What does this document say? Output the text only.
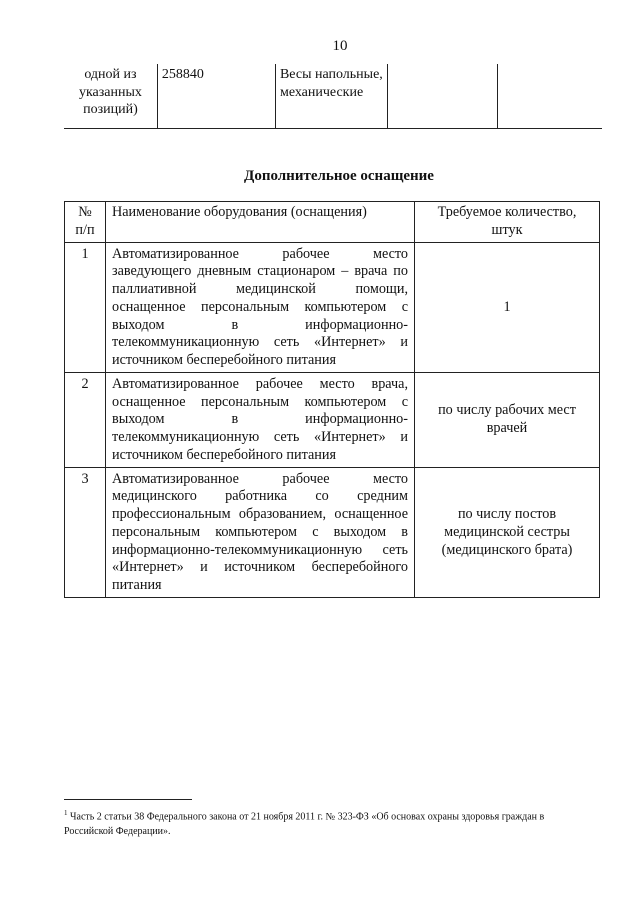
10
одной из указанных позиций)	258840	Весы напольные, механические		
Дополнительное оснащение
№ п/п	Наименование оборудования (оснащения)	Требуемое количество, штук
1	Автоматизированное рабочее место заведующего дневным стационаром – врача по паллиативной медицинской помощи, оснащенное персональным компьютером с выходом в информационно-телекоммуникационную сеть «Интернет» и источником бесперебойного питания	1
2	Автоматизированное рабочее место врача, оснащенное персональным компьютером с выходом в информационно-телекоммуникационную сеть «Интернет» и источником бесперебойного питания	по числу рабочих мест врачей
3	Автоматизированное рабочее место медицинского работника со средним профессиональным образованием, оснащенное персональным компьютером с выходом в информационно-телекоммуникационную сеть «Интернет» и источником бесперебойного питания	по числу постов медицинской сестры (медицинского брата)
$^1$ Часть 2 статьи 38 Федерального закона от 21 ноября 2011 г. № 323-ФЗ «Об основах охраны здоровья граждан в Российской Федерации».
